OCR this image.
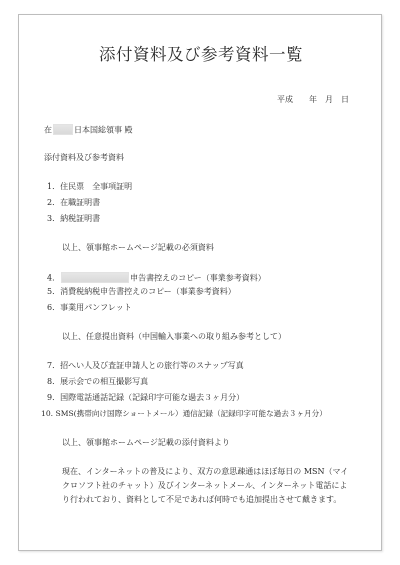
添付資料及び参考資料一覧
平成　　年　月　日
在	日本国総領事 殿
添付資料及び参考資料
1．住民票　全事項証明
2．在職証明書
3．納税証明書
以上、領事館ホームページ記載の必須資料
4．	申告書控えのコピー（事業参考資料）
5．消費税納税申告書控えのコピー（事業参考資料）
6．事業用パンフレット
以上、任意提出資料（中国輸入事業への取り組み参考として）
7．招へい人及び査証申請人との旅行等のスナップ写真
8．展示会での相互撮影写真
9．国際電話通話記録（記録印字可能な過去３ヶ月分）
10. SMS(携帯向け国際ショートメール）通信記録（記録印字可能な過去３ヶ月分）
以上、領事館ホームページ記載の添付資料より
現在、インターネットの普及により、双方の意思疎通はほぼ毎日の MSN（マイクロソフト社のチャット）及びインターネットメール、インターネット電話により行われており、資料として不足であれば何時でも追加提出させて戴きます。
